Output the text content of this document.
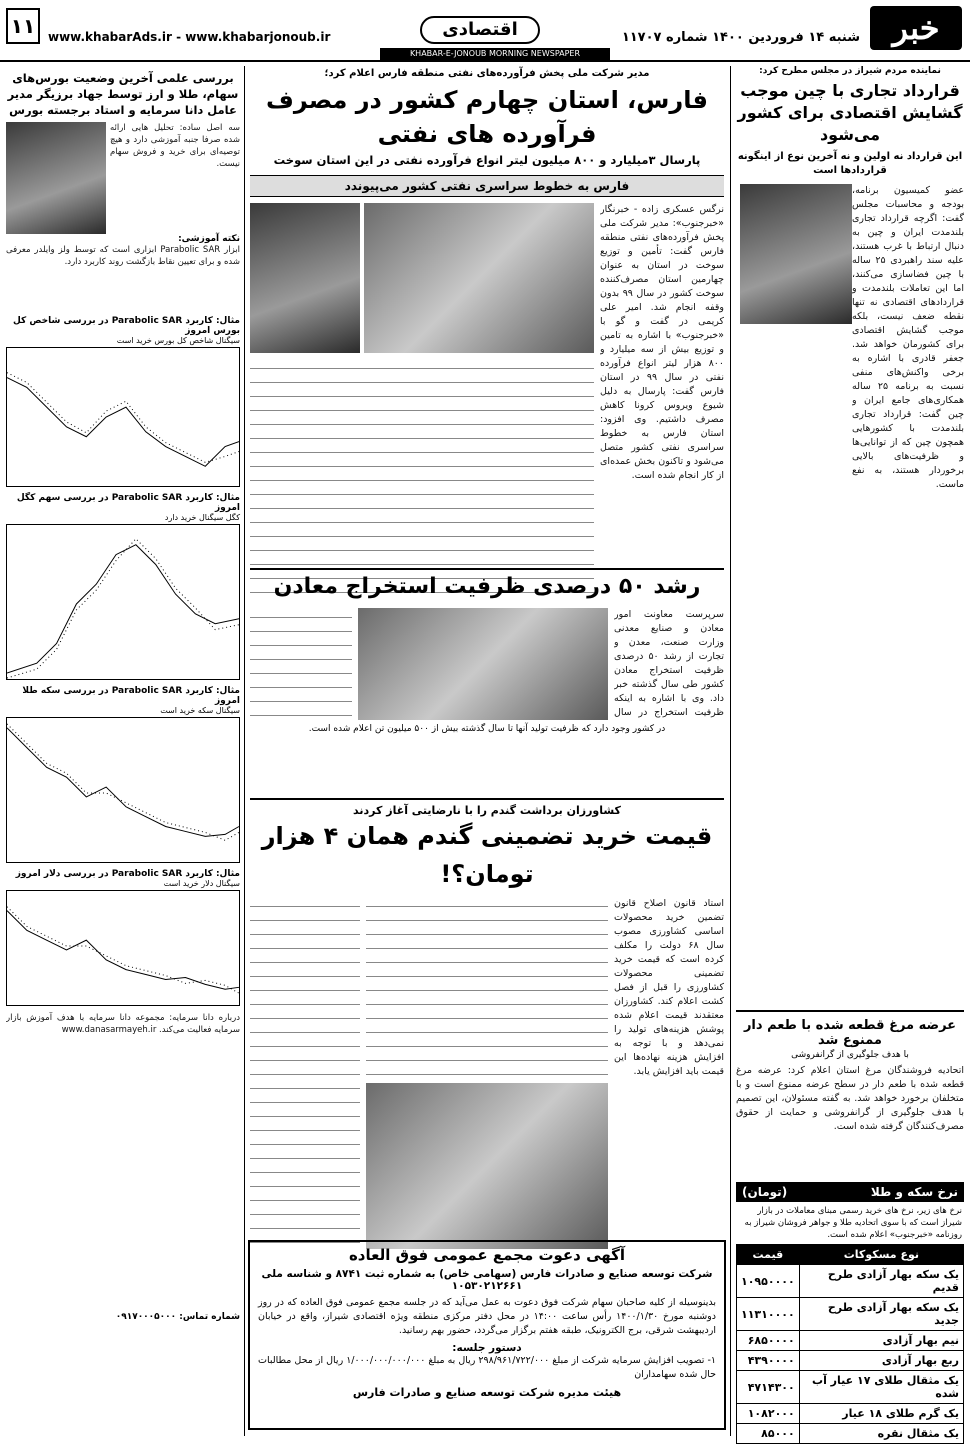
خبر
جنوب
شنبه ۱۴ فروردین ۱۴۰۰ شماره ۱۱۷۰۷
اقتصادی
KHABAR-E-JONOUB MORNING NEWSPAPER
www.khabarAds.ir - www.khabarjonoub.ir
۱۱
نماینده مردم شیراز در مجلس مطرح کرد:
قرارداد تجاری با چین موجب گشایش اقتصادی برای کشور می‌شود
این قرارداد نه اولین و نه آخرین نوع از اینگونه قراردادها است
عضو کمیسیون برنامه، بودجه و محاسبات مجلس گفت: اگرچه قرارداد تجاری بلندمدت ایران و چین به دنبال ارتباط با غرب هستند، علیه سند راهبردی ۲۵ ساله با چین فضاسازی می‌کنند، اما این تعاملات بلندمدت و قراردادهای اقتصادی نه تنها نقطه ضعف نیست، بلکه موجب گشایش اقتصادی برای کشورمان خواهد شد. جعفر قادری با اشاره به برخی واکنش‌های منفی نسبت به برنامه ۲۵ ساله همکاری‌های جامع ایران و چین گفت: قرارداد تجاری بلندمدت با کشورهایی همچون چین که از توانایی‌ها و ظرفیت‌های بالایی برخوردار هستند، به نفع ماست.
عرضه مرغ قطعه شده با طعم دار ممنوع شد
با هدف جلوگیری از گرانفروشی
اتحادیه فروشندگان مرغ استان اعلام کرد: عرضه مرغ قطعه شده با طعم دار در سطح عرضه ممنوع است و با متخلفان برخورد خواهد شد. به گفته مسئولان، این تصمیم با هدف جلوگیری از گرانفروشی و حمایت از حقوق مصرف‌کنندگان گرفته شده است.
نرخ سکه و طلا
(تومان)
نرخ های زیر، نرخ های خرید رسمی مبنای معاملات در بازار شیراز است که با سوی اتحادیه طلا و جواهر فروشان شیراز به روزنامه «خبرجنوب» اعلام شده است.
نوع مسکوکات	قیمت
یک سکه بهار آزادی طرح قدیم	۱۰۹۵۰۰۰۰
یک سکه بهار آزادی طرح جدید	۱۱۳۱۰۰۰۰
نیم بهار آزادی	۶۸۵۰۰۰۰
ربع بهار آزادی	۴۳۹۰۰۰۰
یک مثقال طلای ۱۷ عیار آب شده	۴۷۱۴۳۰۰
یک گرم طلای ۱۸ عیار	۱۰۸۲۰۰۰
یک مثقال نقره	۸۵۰۰۰
مدیر شرکت ملی پخش فرآورده‌های نفتی منطقه فارس اعلام کرد؛
فارس، استان چهارم کشور در مصرف فرآورده‌ های نفتی
پارسال ۳میلیارد و ۸۰۰ میلیون لیتر انواع فرآورده نفتی در این استان سوخت
فارس به خطوط سراسری نفتی کشور می‌پیوندد
نرگس عسکری زاده - خبرنگار «خبرجنوب»: مدیر شرکت ملی پخش فرآورده‌های نفتی منطقه فارس گفت: تأمین و توزیع سوخت در استان به عنوان چهارمین استان مصرف‌کننده سوخت کشور در سال ۹۹ بدون وقفه انجام شد. امیر علی کریمی در گفت و گو با «خبرجنوب» با اشاره به تامین و توزیع بیش از سه میلیارد و ۸۰۰ هزار لیتر انواع فرآورده نفتی در سال ۹۹ در استان فارس گفت: پارسال به دلیل شیوع ویروس کرونا کاهش مصرف داشتیم. وی افزود: استان فارس به خطوط سراسری نفتی کشور متصل می‌شود و تاکنون بخش عمده‌ای از کار انجام شده است.
رشد ۵۰ درصدی ظرفیت استخراج معادن
سرپرست معاونت امور معادن و صنایع معدنی وزارت صنعت، معدن و تجارت از رشد ۵۰ درصدی ظرفیت استخراج معادن کشور طی سال گذشته خبر داد. وی با اشاره به اینکه ظرفیت استخراج در سال
در کشور وجود دارد که ظرفیت تولید آنها تا سال گذشته بیش از ۵۰۰ میلیون تن اعلام شده است.
کشاورزان برداشت گندم را با نارضایتی آغاز کردند
قیمت خرید تضمینی گندم همان ۴ هزار تومان؟!
استاد قانون اصلاح قانون تضمین خرید محصولات اساسی کشاورزی مصوب سال ۶۸ دولت را مکلف کرده است که قیمت خرید تضمینی محصولات کشاورزی را قبل از فصل کشت اعلام کند. کشاورزان معتقدند قیمت اعلام شده پوشش هزینه‌های تولید را نمی‌دهد و با توجه به افزایش هزینه نهاده‌ها این قیمت باید افزایش یابد.
آگهی دعوت مجمع عمومی فوق العاده
شرکت توسعه صنایع و صادرات فارس (سهامی خاص) به شماره ثبت ۸۷۴۱ و شناسه ملی ۱۰۵۳۰۲۱۲۶۶۱
بدینوسیله از کلیه صاحبان سهام شرکت فوق دعوت به عمل می‌آید که در جلسه مجمع عمومی فوق العاده که در روز دوشنبه مورخ ۱۴۰۰/۱/۳۰ رأس ساعت ۱۴:۰۰ در محل دفتر مرکزی منطقه ویژه اقتصادی شیراز، واقع در خیابان اردیبهشت شرقی، برج الکترونیک، طبقه هفتم برگزار می‌گردد، حضور بهم رسانید.
دستور جلسه:
۱- تصویب افزایش سرمایه شرکت از مبلغ ۲۹۸/۹۶۱/۷۲۲/۰۰۰ ریال به مبلغ ۱/۰۰۰/۰۰۰/۰۰۰/۰۰۰ ریال از محل مطالبات حال شده سهامداران
هیئت مدیره شرکت توسعه صنایع و صادرات فارس
بررسی علمی آخرین وضعیت بورس‌های سهام، طلا و ارز توسط جهاد برزیگر مدیر عامل دانا سرمایه و استاد برجسته بورس
سه اصل ساده: تحلیل هایی ارائه شده صرفا جنبه آموزشی دارد و هیچ توصیه‌ای برای خرید و فروش سهام نیست.
نکته آموزشی:
ابزار Parabolic SAR ابزاری است که توسط ولز وایلدر معرفی شده و برای تعیین نقاط بازگشت روند کاربرد دارد.
مثال: کاربرد Parabolic SAR در بررسی شاخص کل بورس امروز
سیگنال شاخص کل بورس خرید است
مثال: کاربرد Parabolic SAR در بررسی سهم کگل امروز
کگل سیگنال خرید دارد
مثال: کاربرد Parabolic SAR در بررسی سکه طلا امروز
سیگنال سکه خرید است
مثال: کاربرد Parabolic SAR در بررسی دلار امروز
سیگنال دلار خرید است
درباره دانا سرمایه: مجموعه دانا سرمایه با هدف آموزش بازار سرمایه فعالیت می‌کند. www.danasarmayeh.ir
شماره تماس: ۰۹۱۷۰۰۰۵۰۰۰
